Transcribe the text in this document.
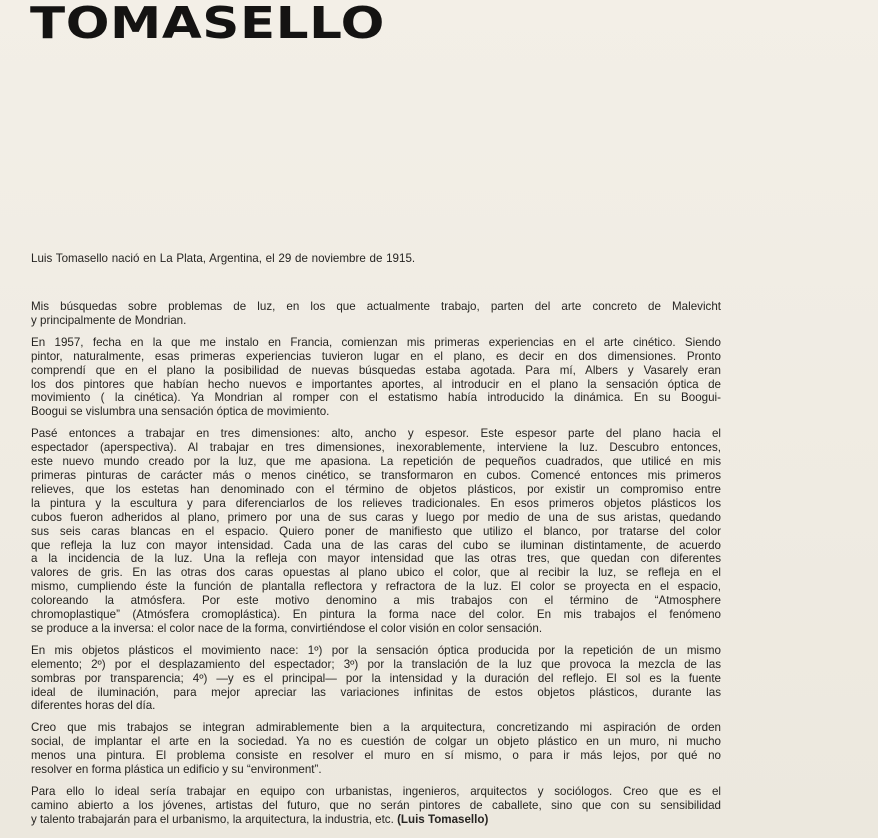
TOMASELLO

Luis Tomasello nació en La Plata, Argentina, el 29 de noviembre de 1915.

Mis búsquedas sobre problemas de luz, en los que actualmente trabajo, parten del arte concreto de Malevicht
y principalmente de Mondrian.

En 1957, fecha en la que me instalo en Francia, comienzan mis primeras experiencias en el arte cinético. Siendo
pintor, naturalmente, esas primeras experiencias tuvieron lugar en el plano, es decir en dos dimensiones. Pronto
comprendí que en el plano la posibilidad de nuevas búsquedas estaba agotada. Para mí, Albers y Vasarely eran
los dos pintores que habían hecho nuevos e importantes aportes, al introducir en el plano la sensación óptica de
movimiento ( la cinética). Ya Mondrian al romper con el estatismo había introducido la dinámica. En su Boogui-
Boogui se vislumbra una sensación óptica de movimiento.

Pasé entonces a trabajar en tres dimensiones: alto, ancho y espesor. Este espesor parte del plano hacia el
espectador (aperspectiva). Al trabajar en tres dimensiones, inexorablemente, interviene la luz. Descubro entonces,
este nuevo mundo creado por la luz, que me apasiona. La repetición de pequeños cuadrados, que utilicé en mis
primeras pinturas de carácter más o menos cinético, se transformaron en cubos. Comencé entonces mis primeros
relieves, que los estetas han denominado con el término de objetos plásticos, por existir un compromiso entre
la pintura y la escultura y para diferenciarlos de los relieves tradicionales. En esos primeros objetos plásticos los
cubos fueron adheridos al plano, primero por una de sus caras y luego por medio de una de sus aristas, quedando
sus seis caras blancas en el espacio. Quiero poner de manifiesto que utilizo el blanco, por tratarse del color
que refleja la luz con mayor intensidad. Cada una de las caras del cubo se iluminan distintamente, de acuerdo
a la incidencia de la luz. Una la refleja con mayor intensidad que las otras tres, que quedan con diferentes
valores de gris. En las otras dos caras opuestas al plano ubico el color, que al recibir la luz, se refleja en el
mismo, cumpliendo éste la función de plantalla reflectora y refractora de la luz. El color se proyecta en el espacio,
coloreando la atmósfera. Por este motivo denomino a mis trabajos con el término de “Atmosphere
chromoplastique” (Atmósfera cromoplástica). En pintura la forma nace del color. En mis trabajos el fenómeno
se produce a la inversa: el color nace de la forma, convirtiéndose el color visión en color sensación.

En mis objetos plásticos el movimiento nace: 1º) por la sensación óptica producida por la repetición de un mismo
elemento; 2º) por el desplazamiento del espectador; 3º) por la translación de la luz que provoca la mezcla de las
sombras por transparencia; 4º) —y es el principal— por la intensidad y la duración del reflejo. El sol es la fuente
ideal de iluminación, para mejor apreciar las variaciones infinitas de estos objetos plásticos, durante las
diferentes horas del día.

Creo que mis trabajos se integran admirablemente bien a la arquitectura, concretizando mi aspiración de orden
social, de implantar el arte en la sociedad. Ya no es cuestión de colgar un objeto plástico en un muro, ni mucho
menos una pintura. El problema consiste en resolver el muro en sí mismo, o para ir más lejos, por qué no
resolver en forma plástica un edificio y su “environment”.

Para ello lo ideal sería trabajar en equipo con urbanistas, ingenieros, arquitectos y sociólogos. Creo que es el
camino abierto a los jóvenes, artistas del futuro, que no serán pintores de caballete, sino que con su sensibilidad
y talento trabajarán para el urbanismo, la arquitectura, la industria, etc. (Luis Tomasello)
